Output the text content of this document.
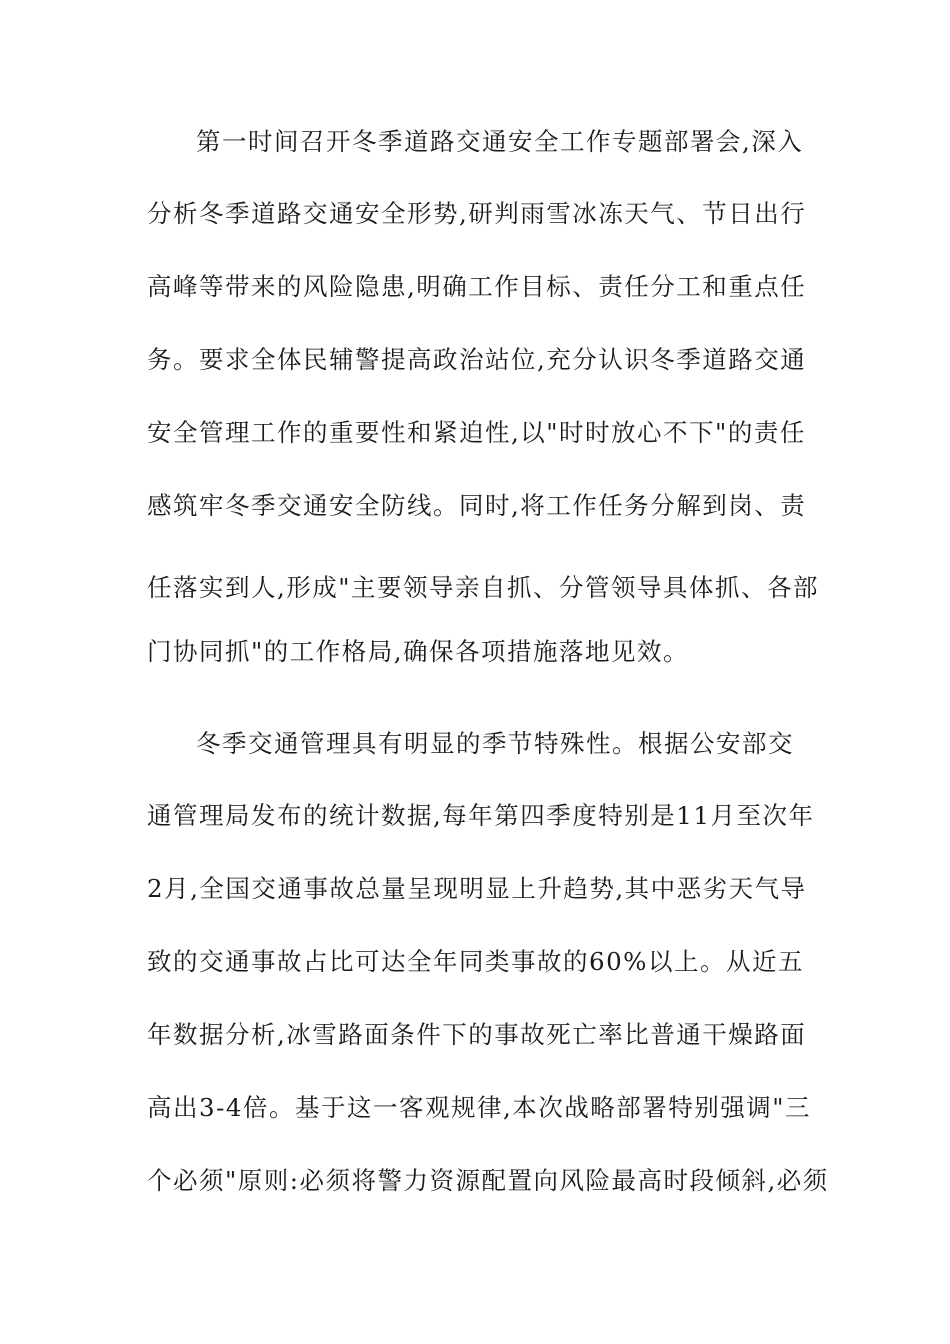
第一时间召开冬季道路交通安全工作专题部署会,深入
分析冬季道路交通安全形势,研判雨雪冰冻天气、节日出行
高峰等带来的风险隐患,明确工作目标、责任分工和重点任
务。要求全体民辅警提高政治站位,充分认识冬季道路交通
安全管理工作的重要性和紧迫性,以"时时放心不下"的责任
感筑牢冬季交通安全防线。同时,将工作任务分解到岗、责
任落实到人,形成"主要领导亲自抓、分管领导具体抓、各部
门协同抓"的工作格局,确保各项措施落地见效。
冬季交通管理具有明显的季节特殊性。根据公安部交
通管理局发布的统计数据,每年第四季度特别是11月至次年
2月,全国交通事故总量呈现明显上升趋势,其中恶劣天气导
致的交通事故占比可达全年同类事故的60%以上。从近五
年数据分析,冰雪路面条件下的事故死亡率比普通干燥路面
高出3-4倍。基于这一客观规律,本次战略部署特别强调"三
个必须"原则:必须将警力资源配置向风险最高时段倾斜,必须
